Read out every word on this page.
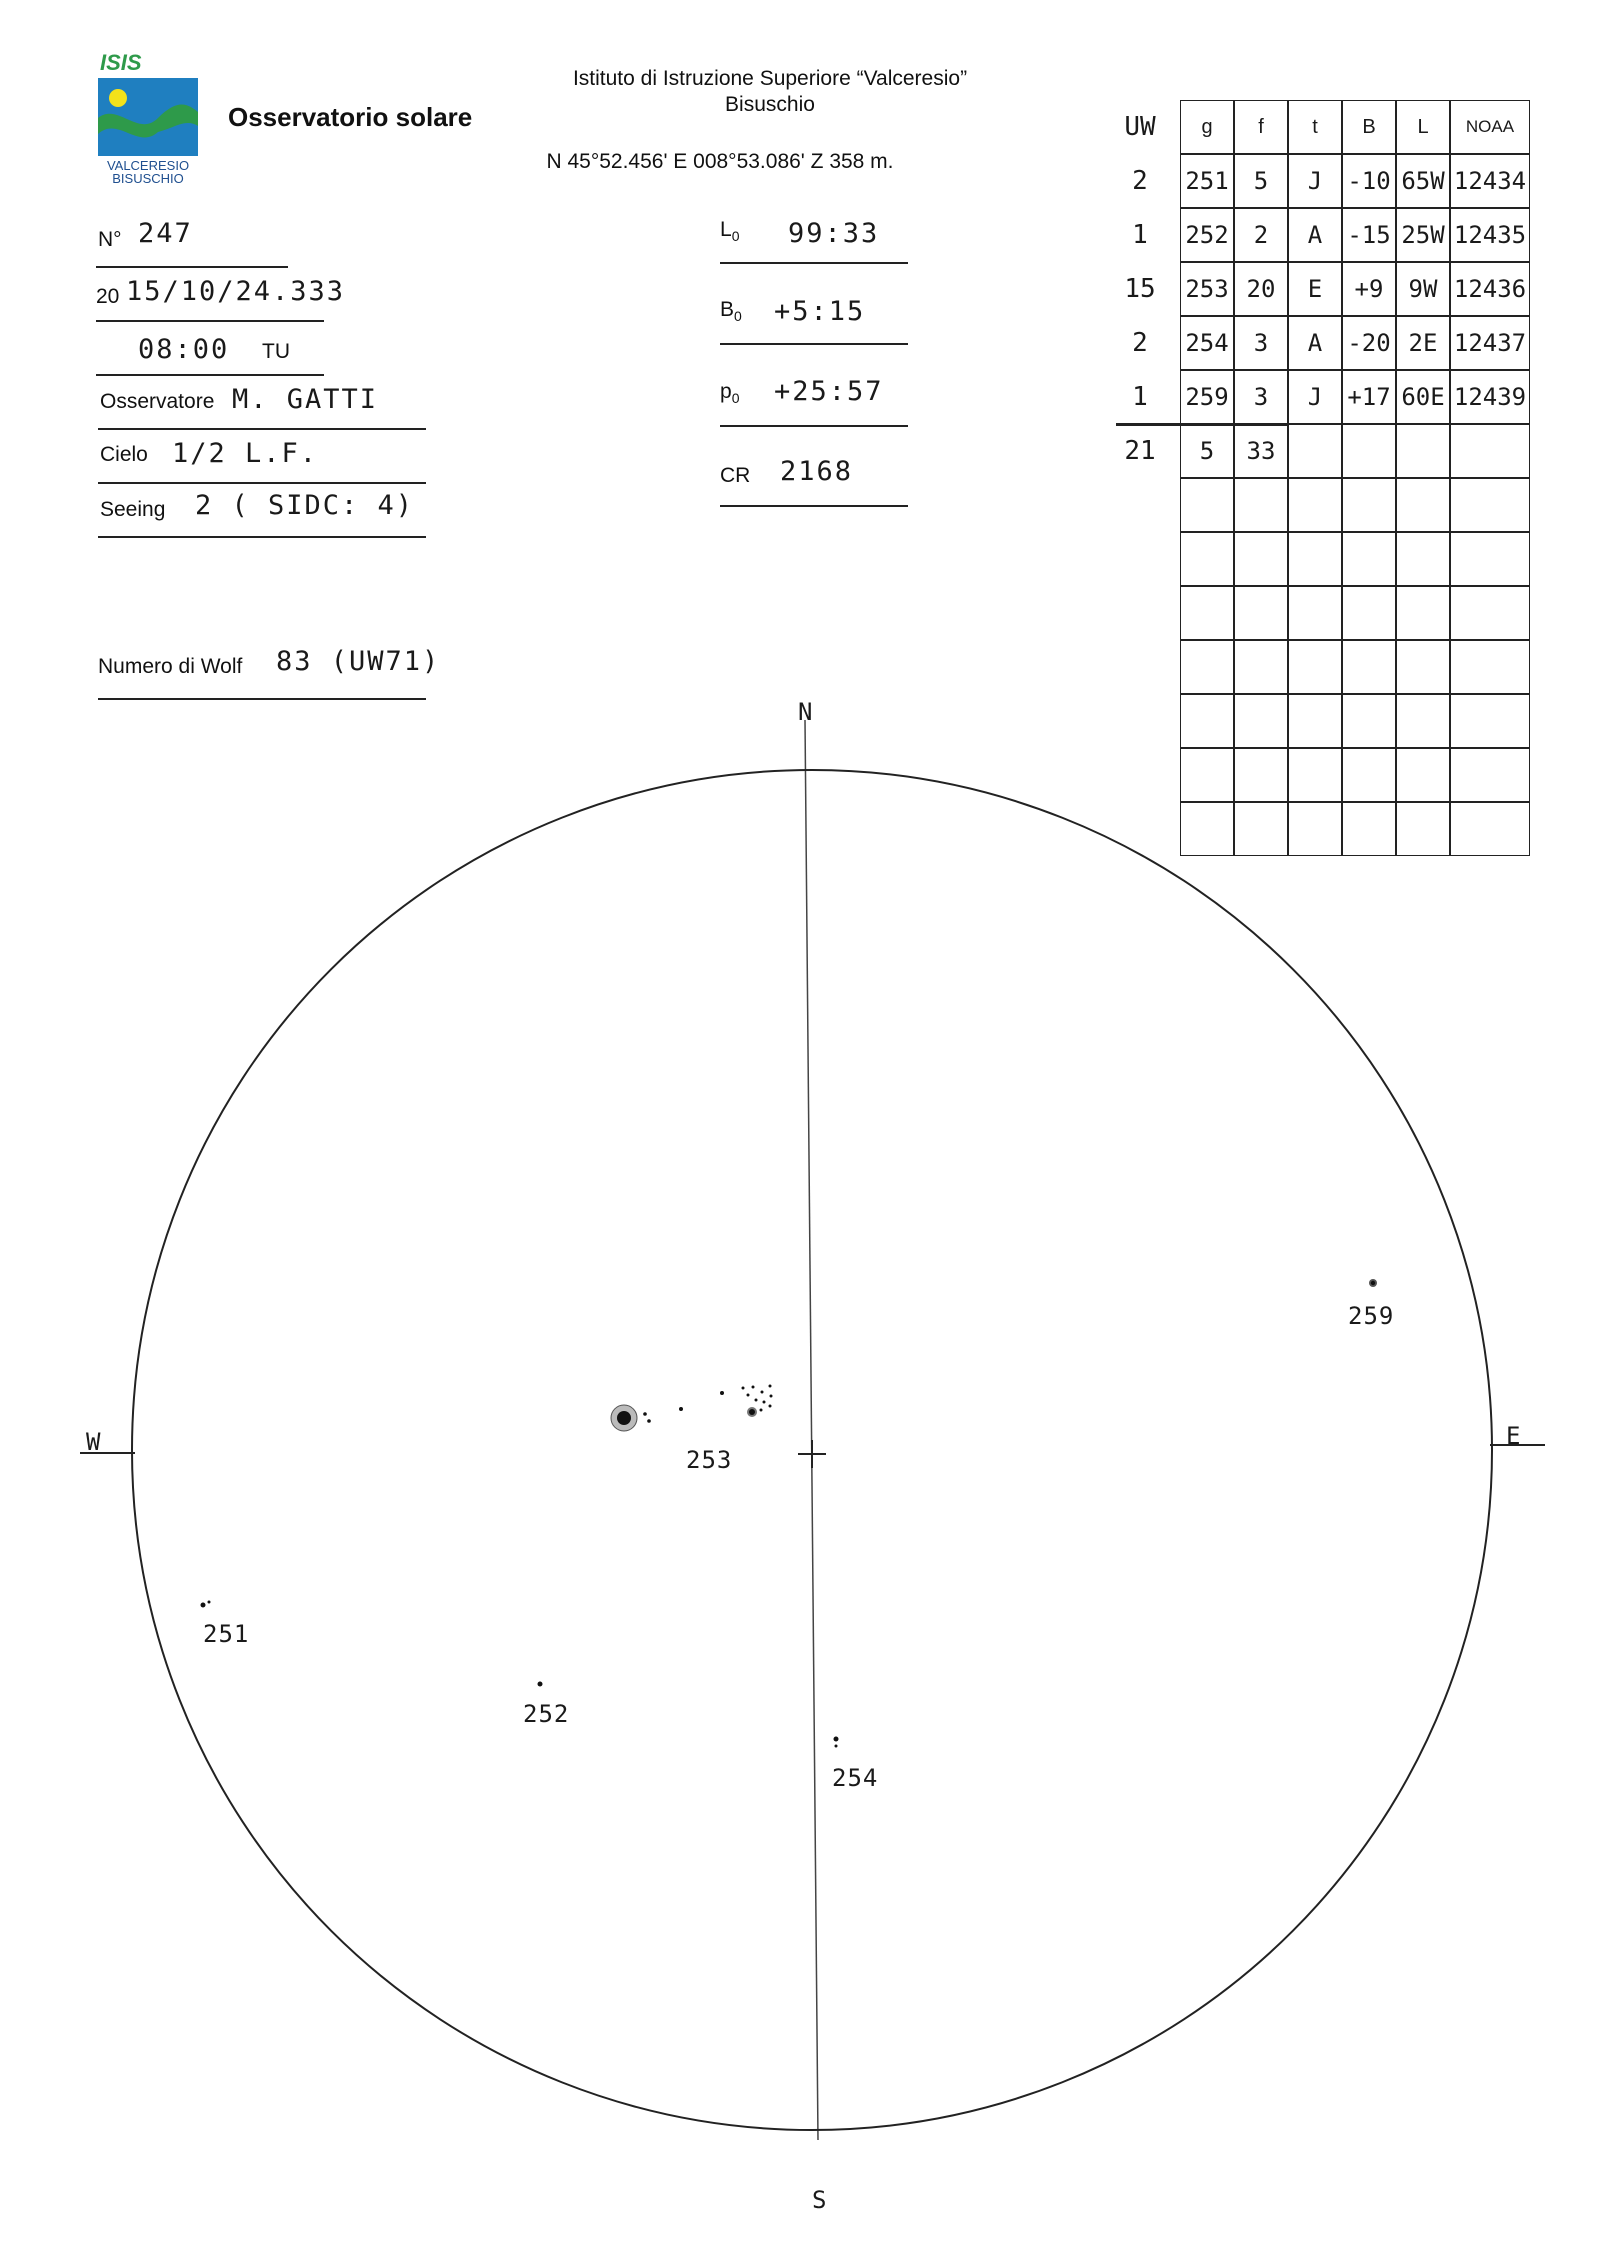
ISIS
VALCERESIO
BISUSCHIO
Osservatorio solare
Istituto di Istruzione Superiore “Valceresio”
Bisuschio
N 45°52.456' E 008°53.086' Z 358 m.
N° 247
20 15/10/24.333
08:00 TU
Osservatore M. GATTI
Cielo 1/2 L.F.
Seeing 2 ( SIDC: 4)
Numero di Wolf 83 (UW71)
$L_0$ 99:33
$B_0$ +5:15
$p_0$ +25:57
CR 2168
UW	g	f	t	B	L	NOAA
2	251	5	J	-10 65W 12434
1	252	2	A	-15 25W 12435
15	253 20	E	+9	9W 12436
2	254	3	A	-20 2E 12437
1	259	3	J	+17 60E 12439
21	5	33
N
S
E
W
253
259
251
252
254
